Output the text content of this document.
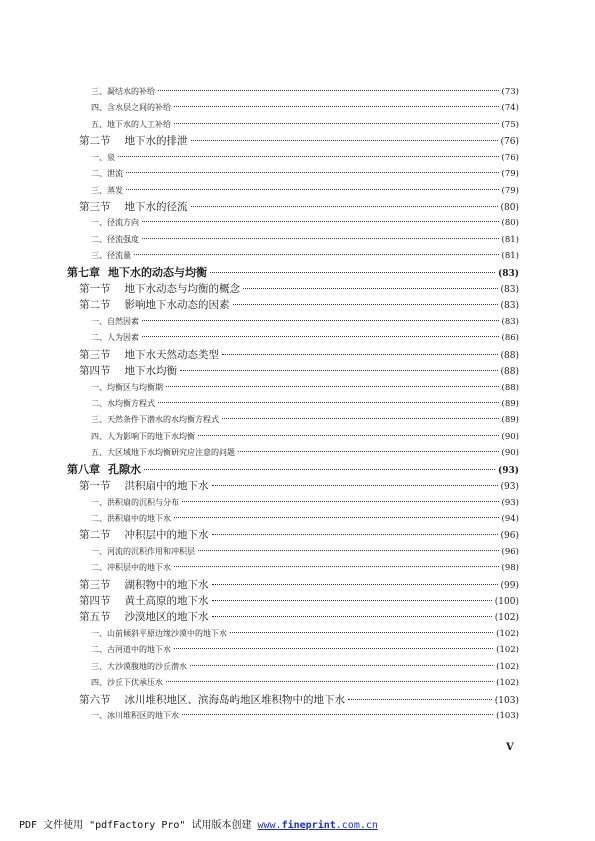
三、凝结水的补给	(73)
四、含水层之间的补给	(74)
五、地下水的人工补给	(75)
第二节 地下水的排泄	(76)
一、泉	(76)
二、泄流	(79)
三、蒸发	(79)
第三节 地下水的径流	(80)
一、径流方向	(80)
二、径流强度	(81)
三、径流量	(81)
第七章 地下水的动态与均衡	(83)
第一节 地下水动态与均衡的概念	(83)
第二节 影响地下水动态的因素	(83)
一、自然因素	(83)
二、人为因素	(86)
第三节 地下水天然动态类型	(88)
第四节 地下水均衡	(88)
一、均衡区与均衡期	(88)
二、水均衡方程式	(89)
三、天然条件下潜水的水均衡方程式	(89)
四、人为影响下的地下水均衡	(90)
五、大区域地下水均衡研究应注意的问题	(90)
第八章 孔隙水	(93)
第一节 洪积扇中的地下水	(93)
一、洪积扇的沉积与分布	(93)
二、洪积扇中的地下水	(94)
第二节 冲积层中的地下水	(96)
一、河流的沉积作用和冲积层	(96)
二、冲积层中的地下水	(98)
第三节 湖积物中的地下水	(99)
第四节 黄土高原的地下水	(100)
第五节 沙漠地区的地下水	(102)
一、山前倾斜平原边缘沙漠中的地下水	(102)
二、古河道中的地下水	(102)
三、大沙漠腹地的沙丘潜水	(102)
四、沙丘下伏承压水	(102)
第六节 冰川堆积地区、滨海岛屿地区堆积物中的地下水	(103)
一、冰川堆积区的地下水	(103)
V
PDF 文件使用 "pdfFactory Pro" 试用版本创建 www.fineprint.com.cn
